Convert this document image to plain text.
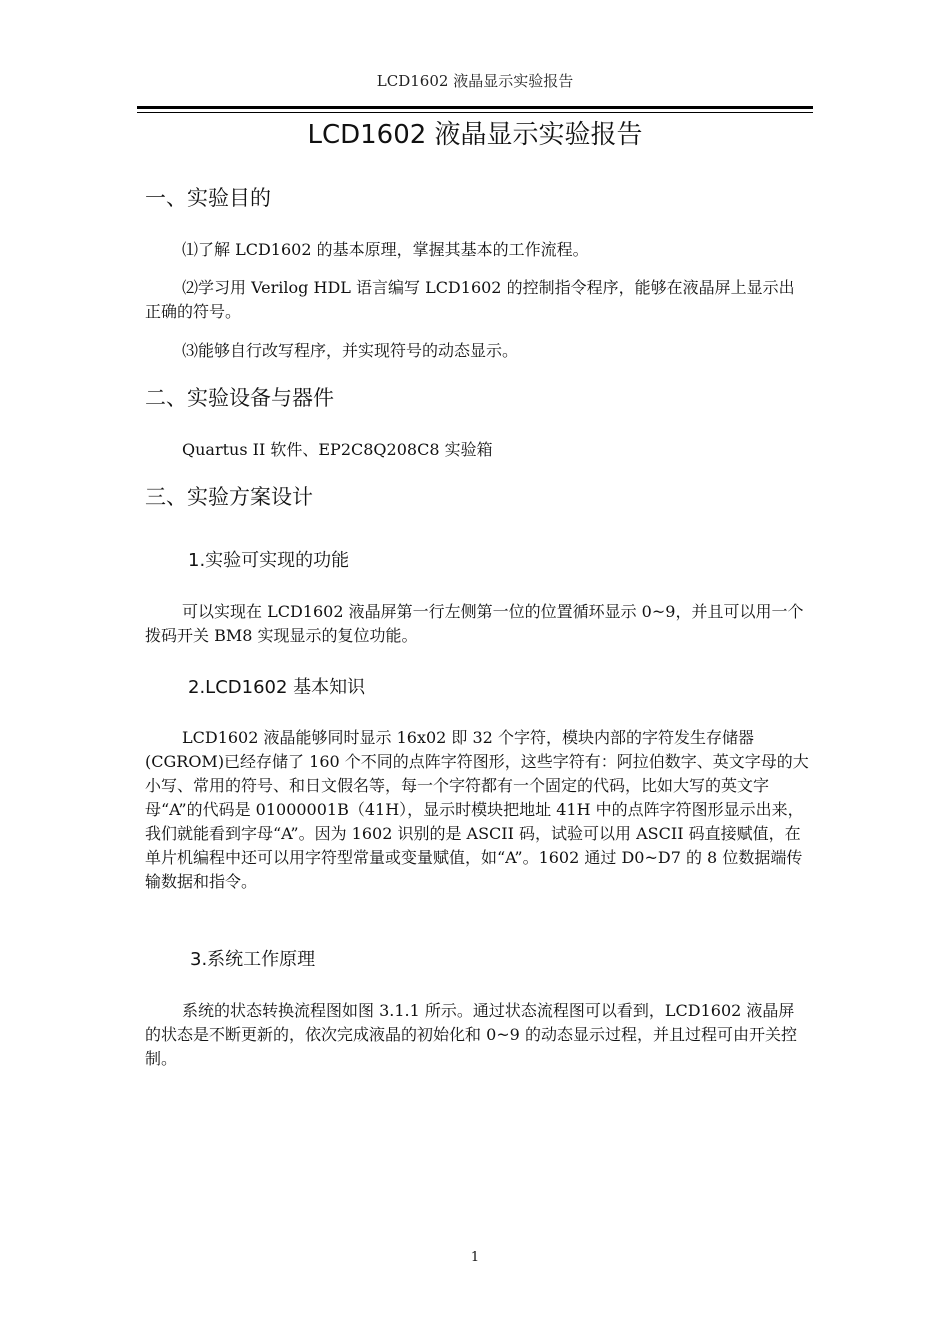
LCD1602 液晶显示实验报告
LCD1602 液晶显示实验报告
一、实验目的

⑴了解 LCD1602 的基本原理，掌握其基本的工作流程。

⑵学习用 Verilog HDL 语言编写 LCD1602 的控制指令程序，能够在液晶屏上显示出正确的符号。

⑶能够自行改写程序，并实现符号的动态显示。

二、实验设备与器件

Quartus II 软件、EP2C8Q208C8 实验箱

三、实验方案设计
1.实验可实现的功能

可以实现在 LCD1602 液晶屏第一行左侧第一位的位置循环显示 0~9，并且可以用一个拨码开关 BM8 实现显示的复位功能。

2.LCD1602 基本知识

LCD1602 液晶能够同时显示 16x02 即 32 个字符，模块内部的字符发生存储器(CGROM)已经存储了 160 个不同的点阵字符图形，这些字符有：阿拉伯数字、英文字母的大小写、常用的符号、和日文假名等，每一个字符都有一个固定的代码，比如大写的英文字母“A”的代码是 01000001B（41H），显示时模块把地址 41H 中的点阵字符图形显示出来，我们就能看到字母“A”。因为 1602 识别的是 ASCII 码，试验可以用 ASCII 码直接赋值，在单片机编程中还可以用字符型常量或变量赋值，如“A”。1602 通过 D0~D7 的 8 位数据端传输数据和指令。

3.系统工作原理

系统的状态转换流程图如图 3.1.1 所示。通过状态流程图可以看到，LCD1602 液晶屏的状态是不断更新的，依次完成液晶的初始化和 0~9 的动态显示过程，并且过程可由开关控制。

1
